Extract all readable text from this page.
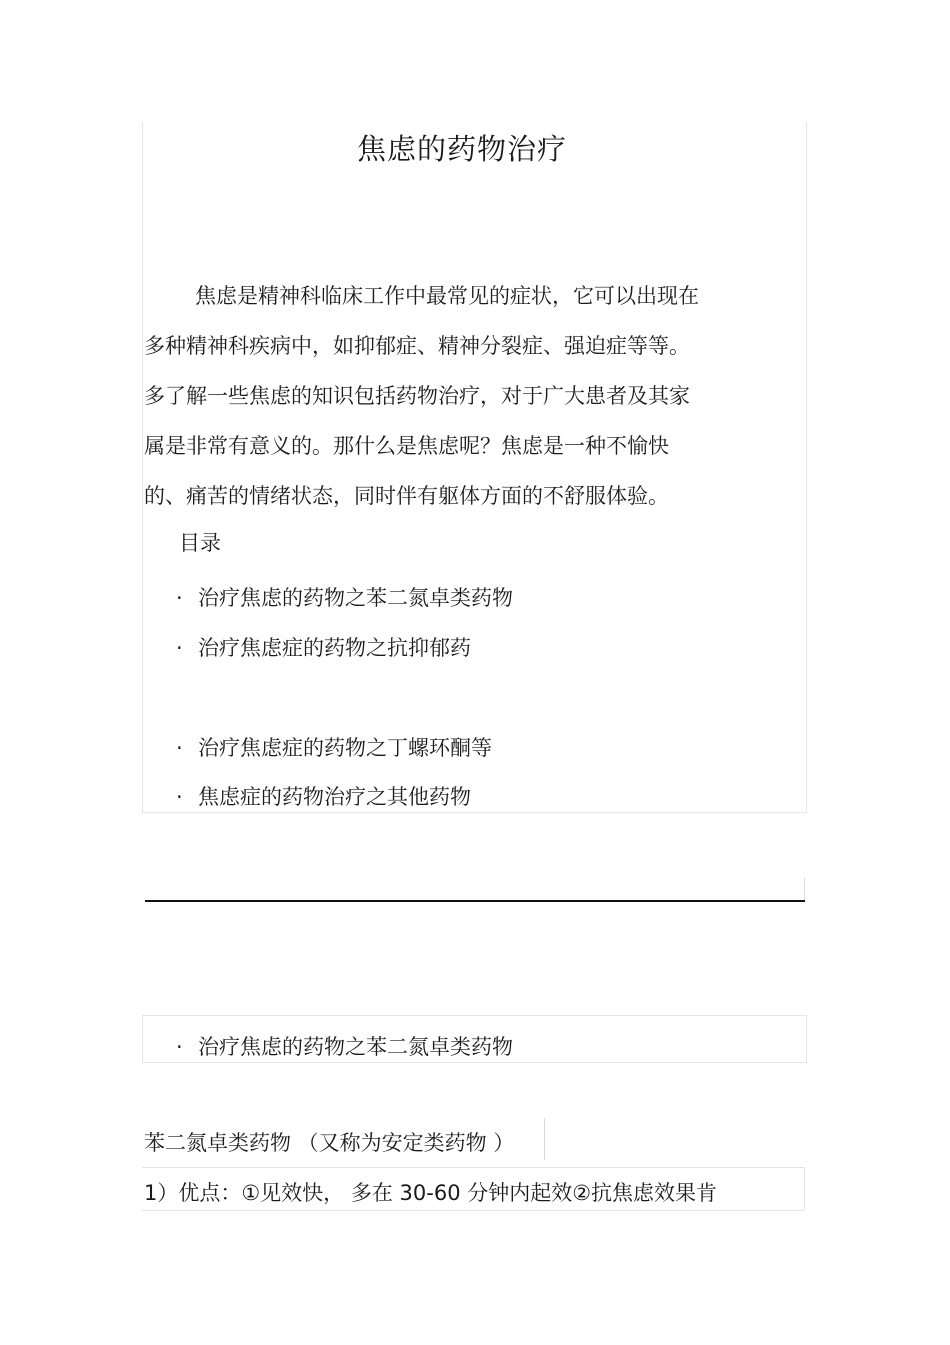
焦虑的药物治疗
焦虑是精神科临床工作中最常见的症状，它可以出现在
多种精神科疾病中，如抑郁症、精神分裂症、强迫症等等。
多了解一些焦虑的知识包括药物治疗，对于广大患者及其家
属是非常有意义的。那什么是焦虑呢？焦虑是一种不愉快
的、痛苦的情绪状态，同时伴有躯体方面的不舒服体验。
目录
· 治疗焦虑的药物之苯二氮卓类药物
· 治疗焦虑症的药物之抗抑郁药
· 治疗焦虑症的药物之丁螺环酮等
· 焦虑症的药物治疗之其他药物
· 治疗焦虑的药物之苯二氮卓类药物
苯二氮卓类药物 （又称为安定类药物 ）
1）优点：①见效快， 多在 30-60 分钟内起效②抗焦虑效果肯
